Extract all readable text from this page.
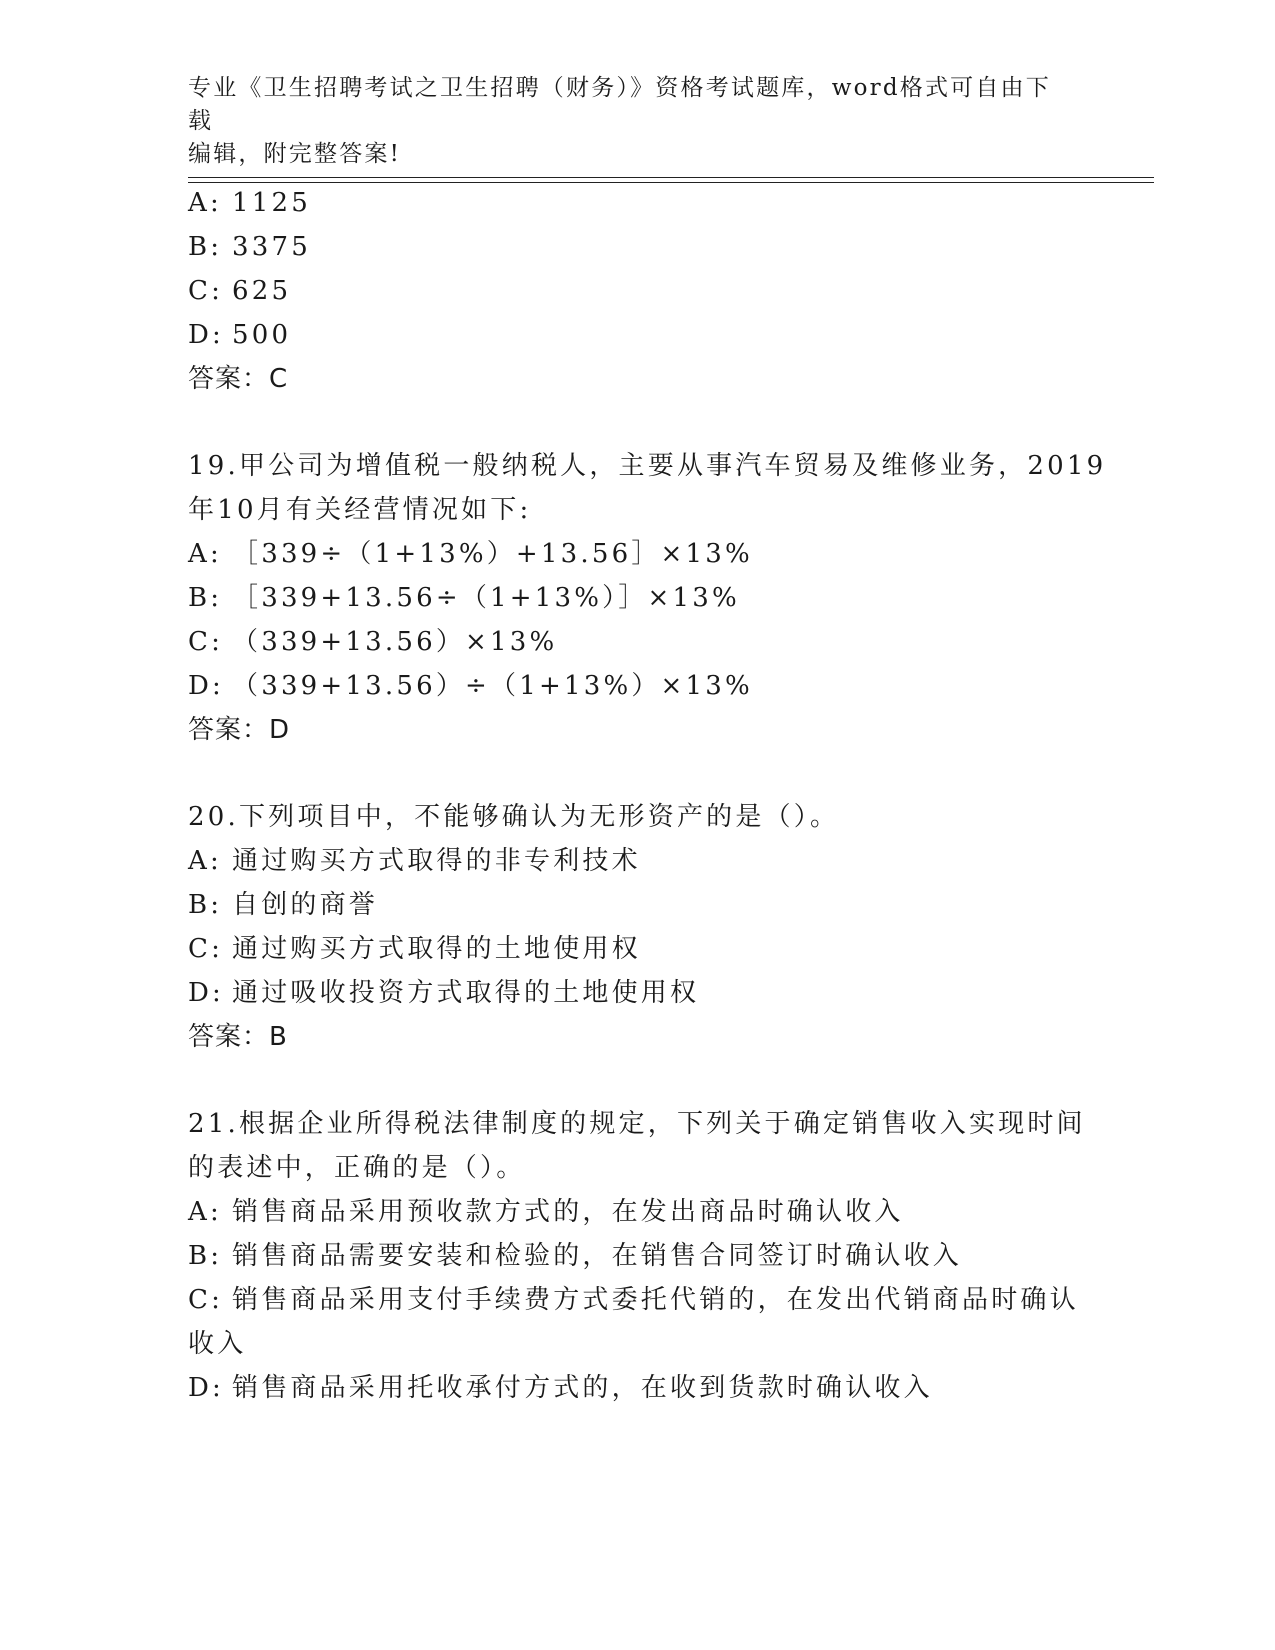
专业《卫生招聘考试之卫生招聘（财务）》资格考试题库，word格式可自由下载
编辑，附完整答案!
A: 1125
B: 3375
C: 625
D: 500
答案：C
19.甲公司为增值税一般纳税人，主要从事汽车贸易及维修业务，2019
年10月有关经营情况如下:
A: ［339÷（1+13%）+13.56］×13%
B: ［339+13.56÷（1+13%）］×13%
C: （339+13.56）×13%
D: （339+13.56）÷（1+13%）×13%
答案：D
20.下列项目中，不能够确认为无形资产的是（）。
A: 通过购买方式取得的非专利技术
B: 自创的商誉
C: 通过购买方式取得的土地使用权
D: 通过吸收投资方式取得的土地使用权
答案：B
21.根据企业所得税法律制度的规定，下列关于确定销售收入实现时间
的表述中，正确的是（）。
A: 销售商品采用预收款方式的，在发出商品时确认收入
B: 销售商品需要安装和检验的，在销售合同签订时确认收入
C: 销售商品采用支付手续费方式委托代销的，在发出代销商品时确认
收入
D: 销售商品采用托收承付方式的，在收到货款时确认收入
